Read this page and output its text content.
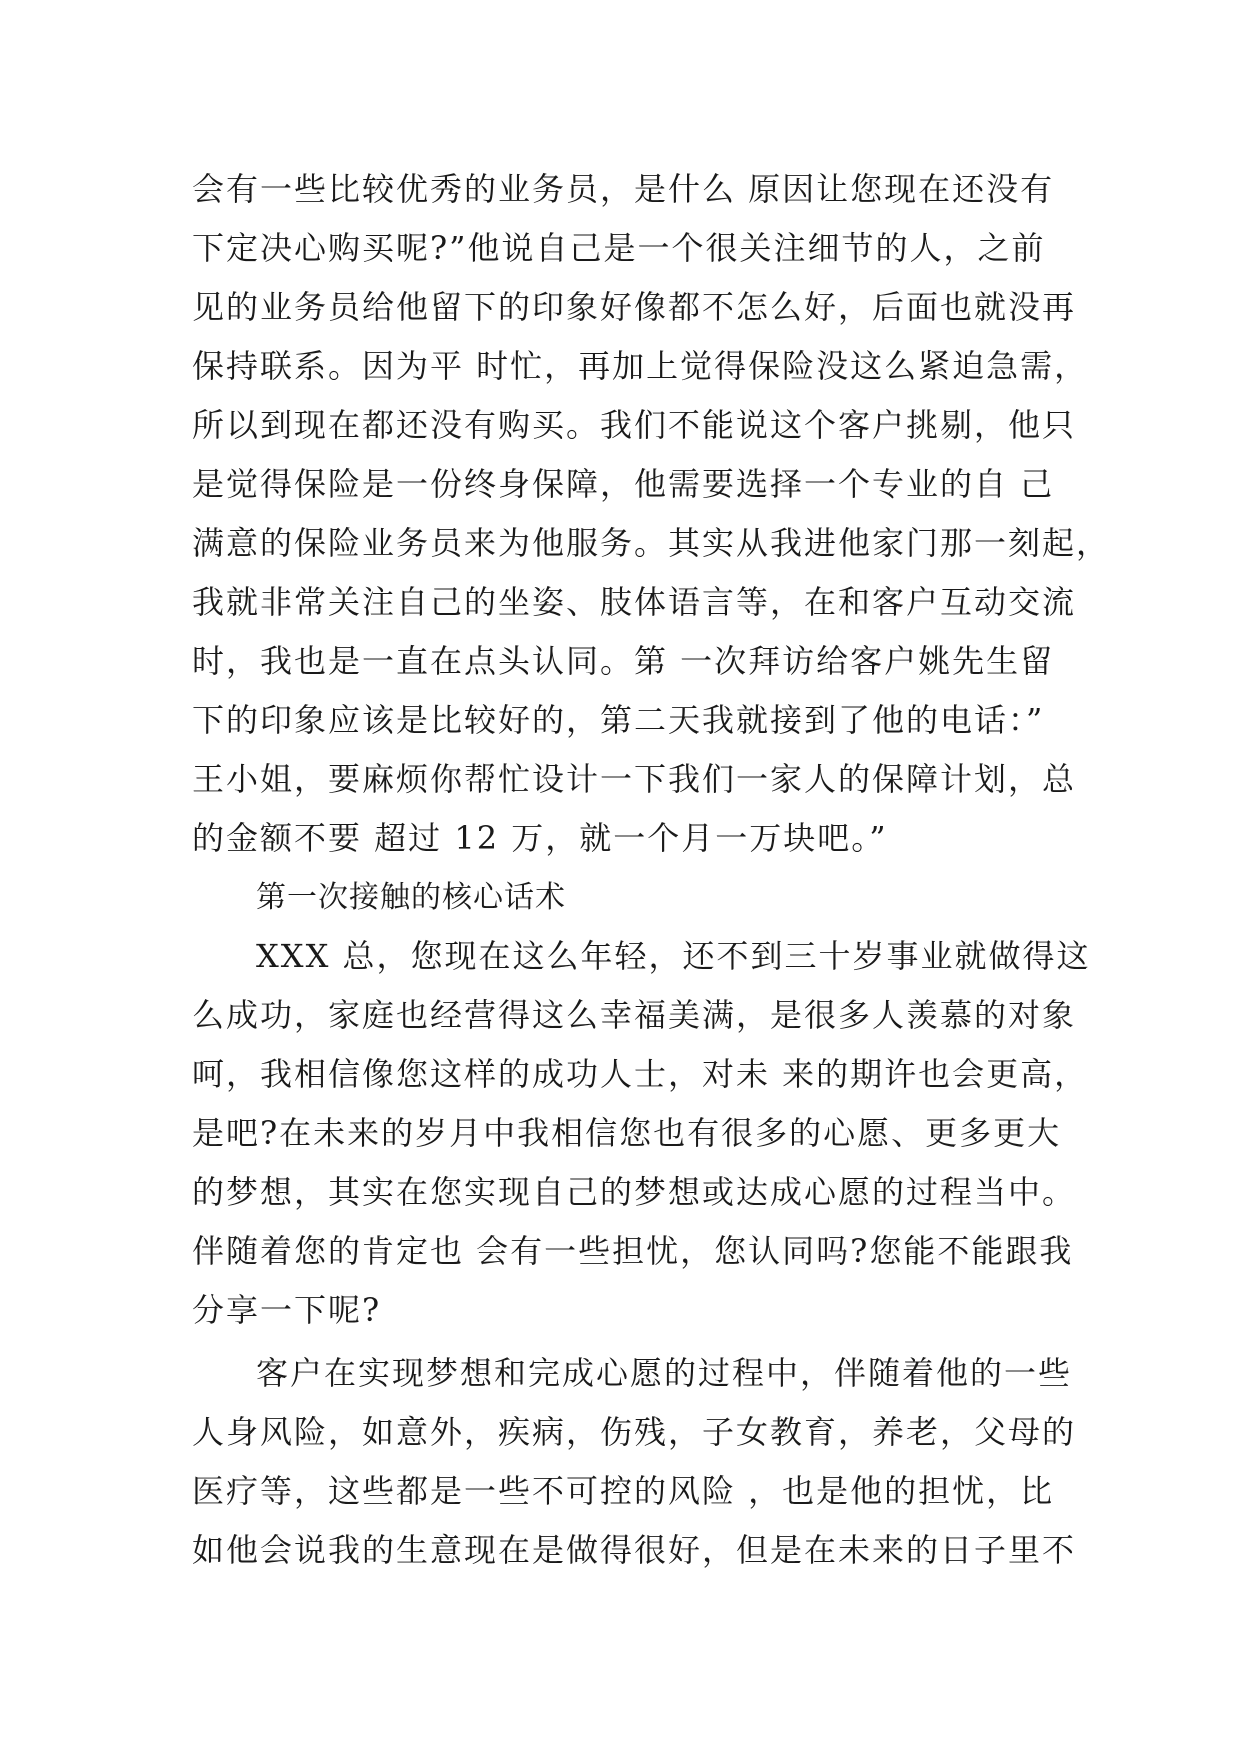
会有一些比较优秀的业务员，是什么 原因让您现在还没有
下定决心购买呢?”他说自己是一个很关注细节的人，之前
见的业务员给他留下的印象好像都不怎么好，后面也就没再
保持联系。因为平 时忙，再加上觉得保险没这么紧迫急需，
所以到现在都还没有购买。我们不能说这个客户挑剔，他只
是觉得保险是一份终身保障，他需要选择一个专业的自 己
满意的保险业务员来为他服务。其实从我进他家门那一刻起，
我就非常关注自己的坐姿、肢体语言等，在和客户互动交流
时，我也是一直在点头认同。第 一次拜访给客户姚先生留
下的印象应该是比较好的，第二天我就接到了他的电话：”
王小姐，要麻烦你帮忙设计一下我们一家人的保障计划，总
的金额不要 超过 12 万，就一个月一万块吧。”
第一次接触的核心话术
XXX 总，您现在这么年轻，还不到三十岁事业就做得这
么成功，家庭也经营得这么幸福美满，是很多人羡慕的对象
呵，我相信像您这样的成功人士，对未 来的期许也会更高，
是吧?在未来的岁月中我相信您也有很多的心愿、更多更大
的梦想，其实在您实现自己的梦想或达成心愿的过程当中。
伴随着您的肯定也 会有一些担忧，您认同吗?您能不能跟我
分享一下呢?
客户在实现梦想和完成心愿的过程中，伴随着他的一些
人身风险，如意外，疾病，伤残，子女教育，养老，父母的
医疗等，这些都是一些不可控的风险 ，也是他的担忧，比
如他会说我的生意现在是做得很好，但是在未来的日子里不
